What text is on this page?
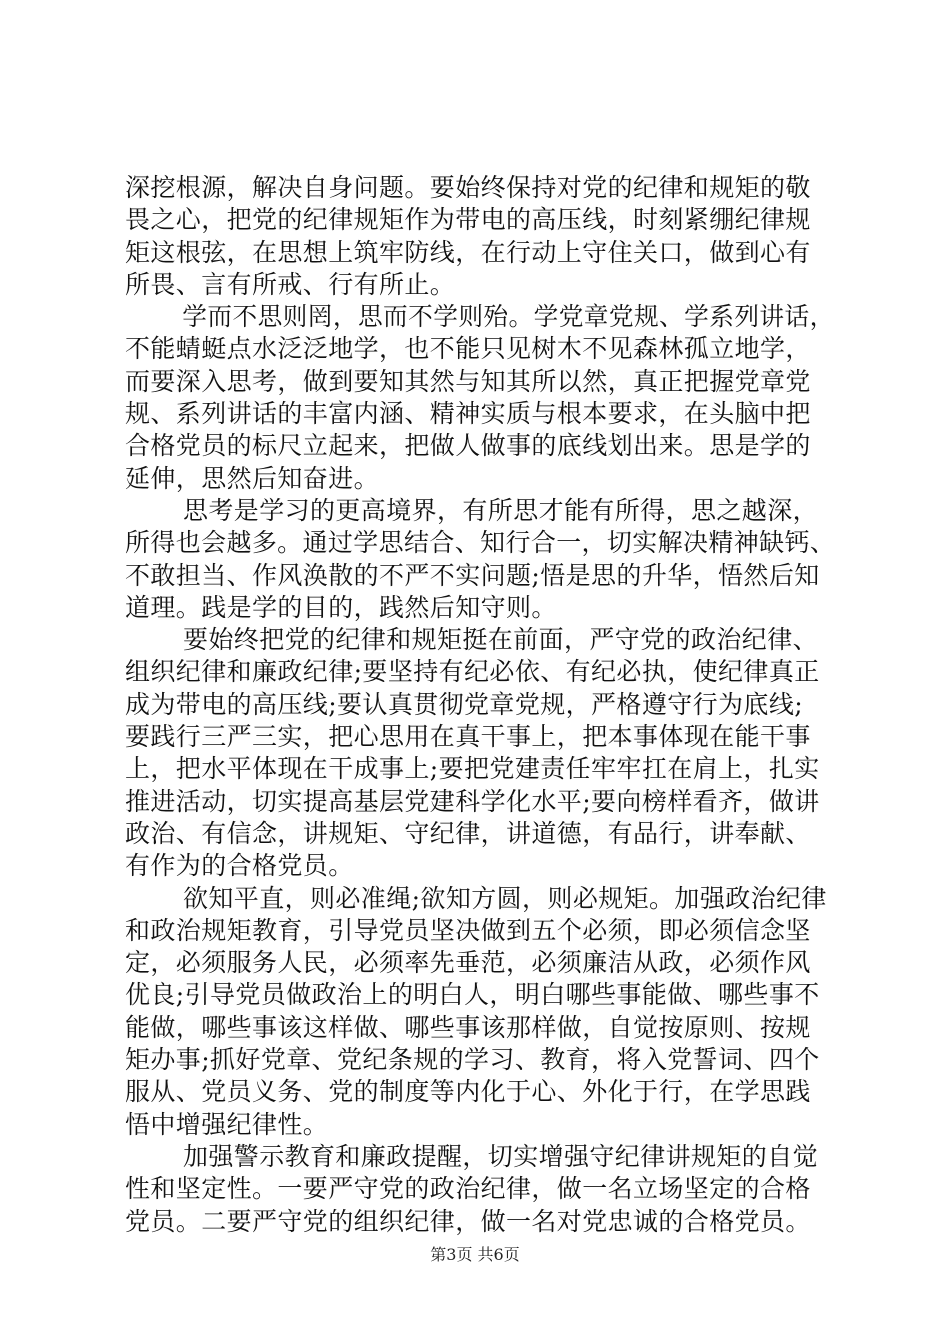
深挖根源，解决自身问题。要始终保持对党的纪律和规矩的敬
畏之心，把党的纪律规矩作为带电的高压线，时刻紧绷纪律规
矩这根弦，在思想上筑牢防线，在行动上守住关口，做到心有
所畏、言有所戒、行有所止。
学而不思则罔，思而不学则殆。学党章党规、学系列讲话，
不能蜻蜓点水泛泛地学，也不能只见树木不见森林孤立地学，
而要深入思考，做到要知其然与知其所以然，真正把握党章党
规、系列讲话的丰富内涵、精神实质与根本要求，在头脑中把
合格党员的标尺立起来，把做人做事的底线划出来。思是学的
延伸，思然后知奋进。
思考是学习的更高境界，有所思才能有所得，思之越深，
所得也会越多。通过学思结合、知行合一，切实解决精神缺钙、
不敢担当、作风涣散的不严不实问题;悟是思的升华，悟然后知
道理。践是学的目的，践然后知守则。
要始终把党的纪律和规矩挺在前面，严守党的政治纪律、
组织纪律和廉政纪律;要坚持有纪必依、有纪必执，使纪律真正
成为带电的高压线;要认真贯彻党章党规，严格遵守行为底线;
要践行三严三实，把心思用在真干事上，把本事体现在能干事
上，把水平体现在干成事上;要把党建责任牢牢扛在肩上，扎实
推进活动，切实提高基层党建科学化水平;要向榜样看齐，做讲
政治、有信念，讲规矩、守纪律，讲道德，有品行，讲奉献、
有作为的合格党员。
欲知平直，则必准绳;欲知方圆，则必规矩。加强政治纪律
和政治规矩教育，引导党员坚决做到五个必须，即必须信念坚
定，必须服务人民，必须率先垂范，必须廉洁从政，必须作风
优良;引导党员做政治上的明白人，明白哪些事能做、哪些事不
能做，哪些事该这样做、哪些事该那样做，自觉按原则、按规
矩办事;抓好党章、党纪条规的学习、教育，将入党誓词、四个
服从、党员义务、党的制度等内化于心、外化于行，在学思践
悟中增强纪律性。
加强警示教育和廉政提醒，切实增强守纪律讲规矩的自觉
性和坚定性。一要严守党的政治纪律，做一名立场坚定的合格
党员。二要严守党的组织纪律，做一名对党忠诚的合格党员。
第3页 共6页
